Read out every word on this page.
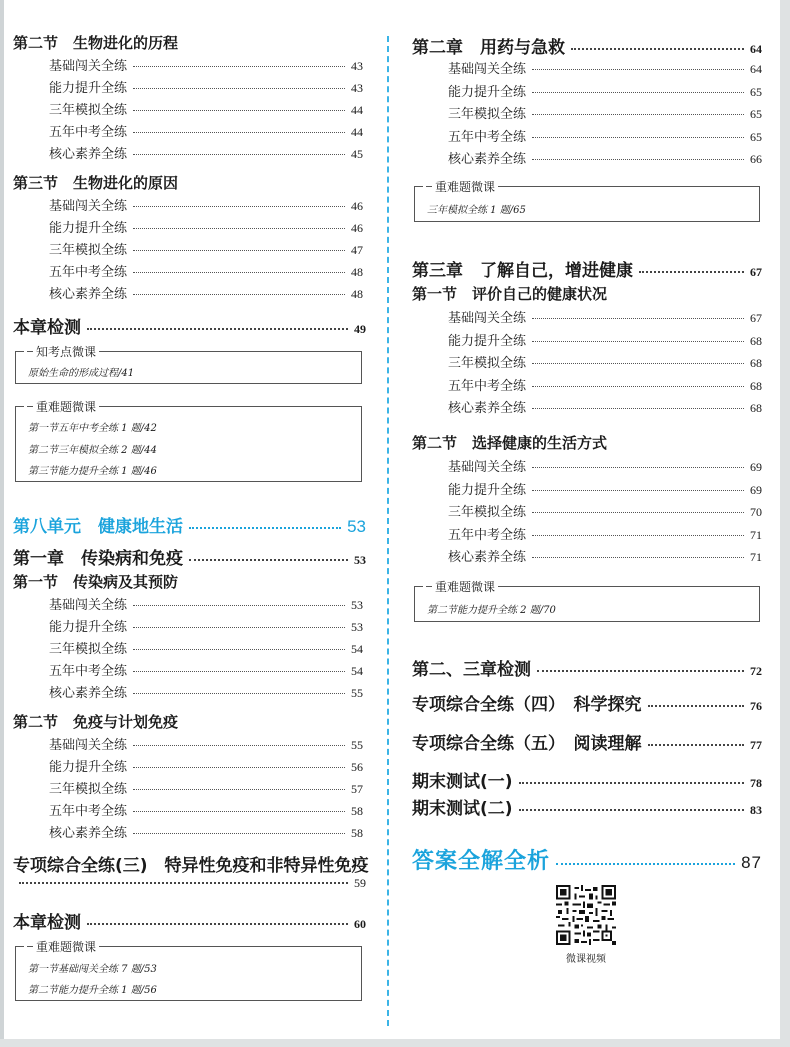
第二节　生物进化的历程
基础闯关全练	43
能力提升全练	43
三年模拟全练	44
五年中考全练	44
核心素养全练	45
第三节　生物进化的原因
基础闯关全练	46
能力提升全练	46
三年模拟全练	47
五年中考全练	48
核心素养全练	48
本章检测	49
知考点微课
原始生命的形成过程/41
重难题微课
第一节五年中考全练 1 题/42
第二节三年模拟全练 2 题/44
第三节能力提升全练 1 题/46
第八单元　健康地生活	53
第一章　传染病和免疫	53
第一节　传染病及其预防
基础闯关全练	53
能力提升全练	53
三年模拟全练	54
五年中考全练	54
核心素养全练	55
第二节　免疫与计划免疫
基础闯关全练	55
能力提升全练	56
三年模拟全练	57
五年中考全练	58
核心素养全练	58
专项综合全练(三)　特异性免疫和非特异性免疫
59
本章检测	60
重难题微课
第一节基础闯关全练 7 题/53
第二节能力提升全练 1 题/56
第二章　用药与急救	64
基础闯关全练	64
能力提升全练	65
三年模拟全练	65
五年中考全练	65
核心素养全练	66
重难题微课
三年模拟全练 1 题/65
第三章　了解自己，增进健康	67
第一节　评价自己的健康状况
基础闯关全练	67
能力提升全练	68
三年模拟全练	68
五年中考全练	68
核心素养全练	68
第二节　选择健康的生活方式
基础闯关全练	69
能力提升全练	69
三年模拟全练	70
五年中考全练	71
核心素养全练	71
重难题微课
第二节能力提升全练 2 题/70
第二、三章检测	72
专项综合全练（四）　科学探究	76
专项综合全练（五）　阅读理解	77
期末测试(一)	78
期末测试(二)	83
答案全解全析	87
微课视频
